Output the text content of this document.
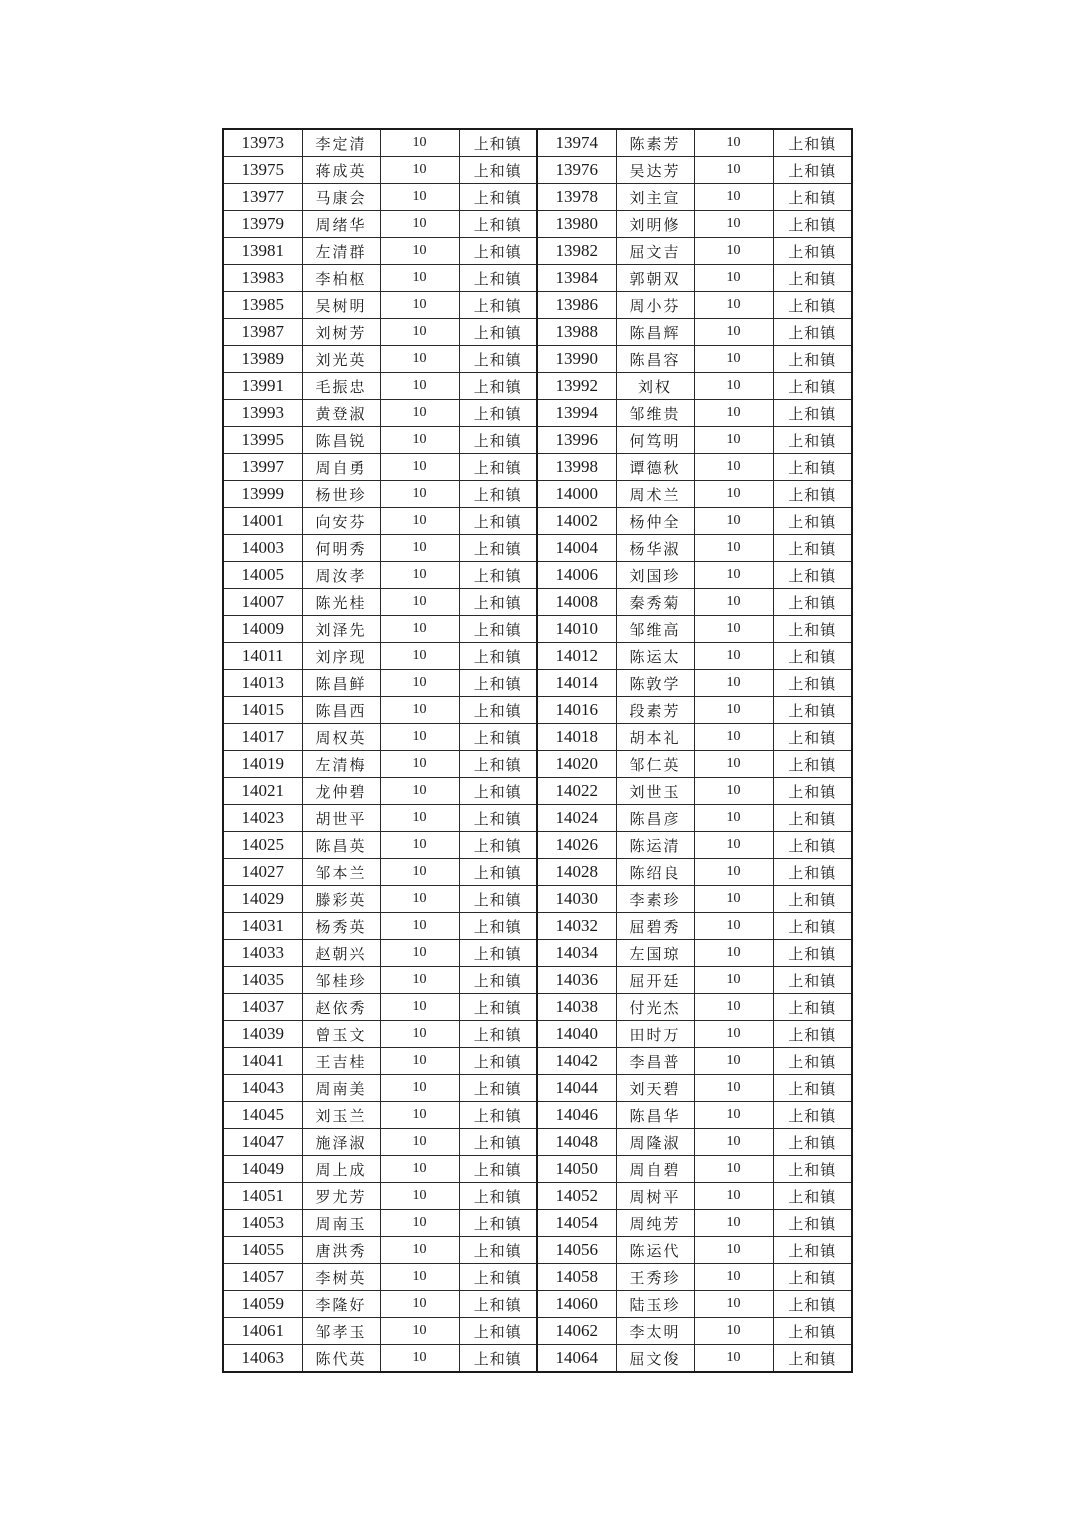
13973	李定清	10	上和镇	13974	陈素芳	10	上和镇
13975	蒋成英	10	上和镇	13976	吴达芳	10	上和镇
13977	马康会	10	上和镇	13978	刘主宣	10	上和镇
13979	周绪华	10	上和镇	13980	刘明修	10	上和镇
13981	左清群	10	上和镇	13982	屈文吉	10	上和镇
13983	李柏枢	10	上和镇	13984	郭朝双	10	上和镇
13985	吴树明	10	上和镇	13986	周小芬	10	上和镇
13987	刘树芳	10	上和镇	13988	陈昌辉	10	上和镇
13989	刘光英	10	上和镇	13990	陈昌容	10	上和镇
13991	毛振忠	10	上和镇	13992	刘权	10	上和镇
13993	黄登淑	10	上和镇	13994	邹维贵	10	上和镇
13995	陈昌锐	10	上和镇	13996	何笃明	10	上和镇
13997	周自勇	10	上和镇	13998	谭德秋	10	上和镇
13999	杨世珍	10	上和镇	14000	周术兰	10	上和镇
14001	向安芬	10	上和镇	14002	杨仲全	10	上和镇
14003	何明秀	10	上和镇	14004	杨华淑	10	上和镇
14005	周汝孝	10	上和镇	14006	刘国珍	10	上和镇
14007	陈光桂	10	上和镇	14008	秦秀菊	10	上和镇
14009	刘泽先	10	上和镇	14010	邹维高	10	上和镇
14011	刘序现	10	上和镇	14012	陈运太	10	上和镇
14013	陈昌鲜	10	上和镇	14014	陈敦学	10	上和镇
14015	陈昌西	10	上和镇	14016	段素芳	10	上和镇
14017	周权英	10	上和镇	14018	胡本礼	10	上和镇
14019	左清梅	10	上和镇	14020	邹仁英	10	上和镇
14021	龙仲碧	10	上和镇	14022	刘世玉	10	上和镇
14023	胡世平	10	上和镇	14024	陈昌彦	10	上和镇
14025	陈昌英	10	上和镇	14026	陈运清	10	上和镇
14027	邹本兰	10	上和镇	14028	陈绍良	10	上和镇
14029	滕彩英	10	上和镇	14030	李素珍	10	上和镇
14031	杨秀英	10	上和镇	14032	屈碧秀	10	上和镇
14033	赵朝兴	10	上和镇	14034	左国琼	10	上和镇
14035	邹桂珍	10	上和镇	14036	屈开廷	10	上和镇
14037	赵依秀	10	上和镇	14038	付光杰	10	上和镇
14039	曾玉文	10	上和镇	14040	田时万	10	上和镇
14041	王吉桂	10	上和镇	14042	李昌普	10	上和镇
14043	周南美	10	上和镇	14044	刘天碧	10	上和镇
14045	刘玉兰	10	上和镇	14046	陈昌华	10	上和镇
14047	施泽淑	10	上和镇	14048	周隆淑	10	上和镇
14049	周上成	10	上和镇	14050	周自碧	10	上和镇
14051	罗尤芳	10	上和镇	14052	周树平	10	上和镇
14053	周南玉	10	上和镇	14054	周纯芳	10	上和镇
14055	唐洪秀	10	上和镇	14056	陈运代	10	上和镇
14057	李树英	10	上和镇	14058	王秀珍	10	上和镇
14059	李隆好	10	上和镇	14060	陆玉珍	10	上和镇
14061	邹孝玉	10	上和镇	14062	李太明	10	上和镇
14063	陈代英	10	上和镇	14064	屈文俊	10	上和镇
